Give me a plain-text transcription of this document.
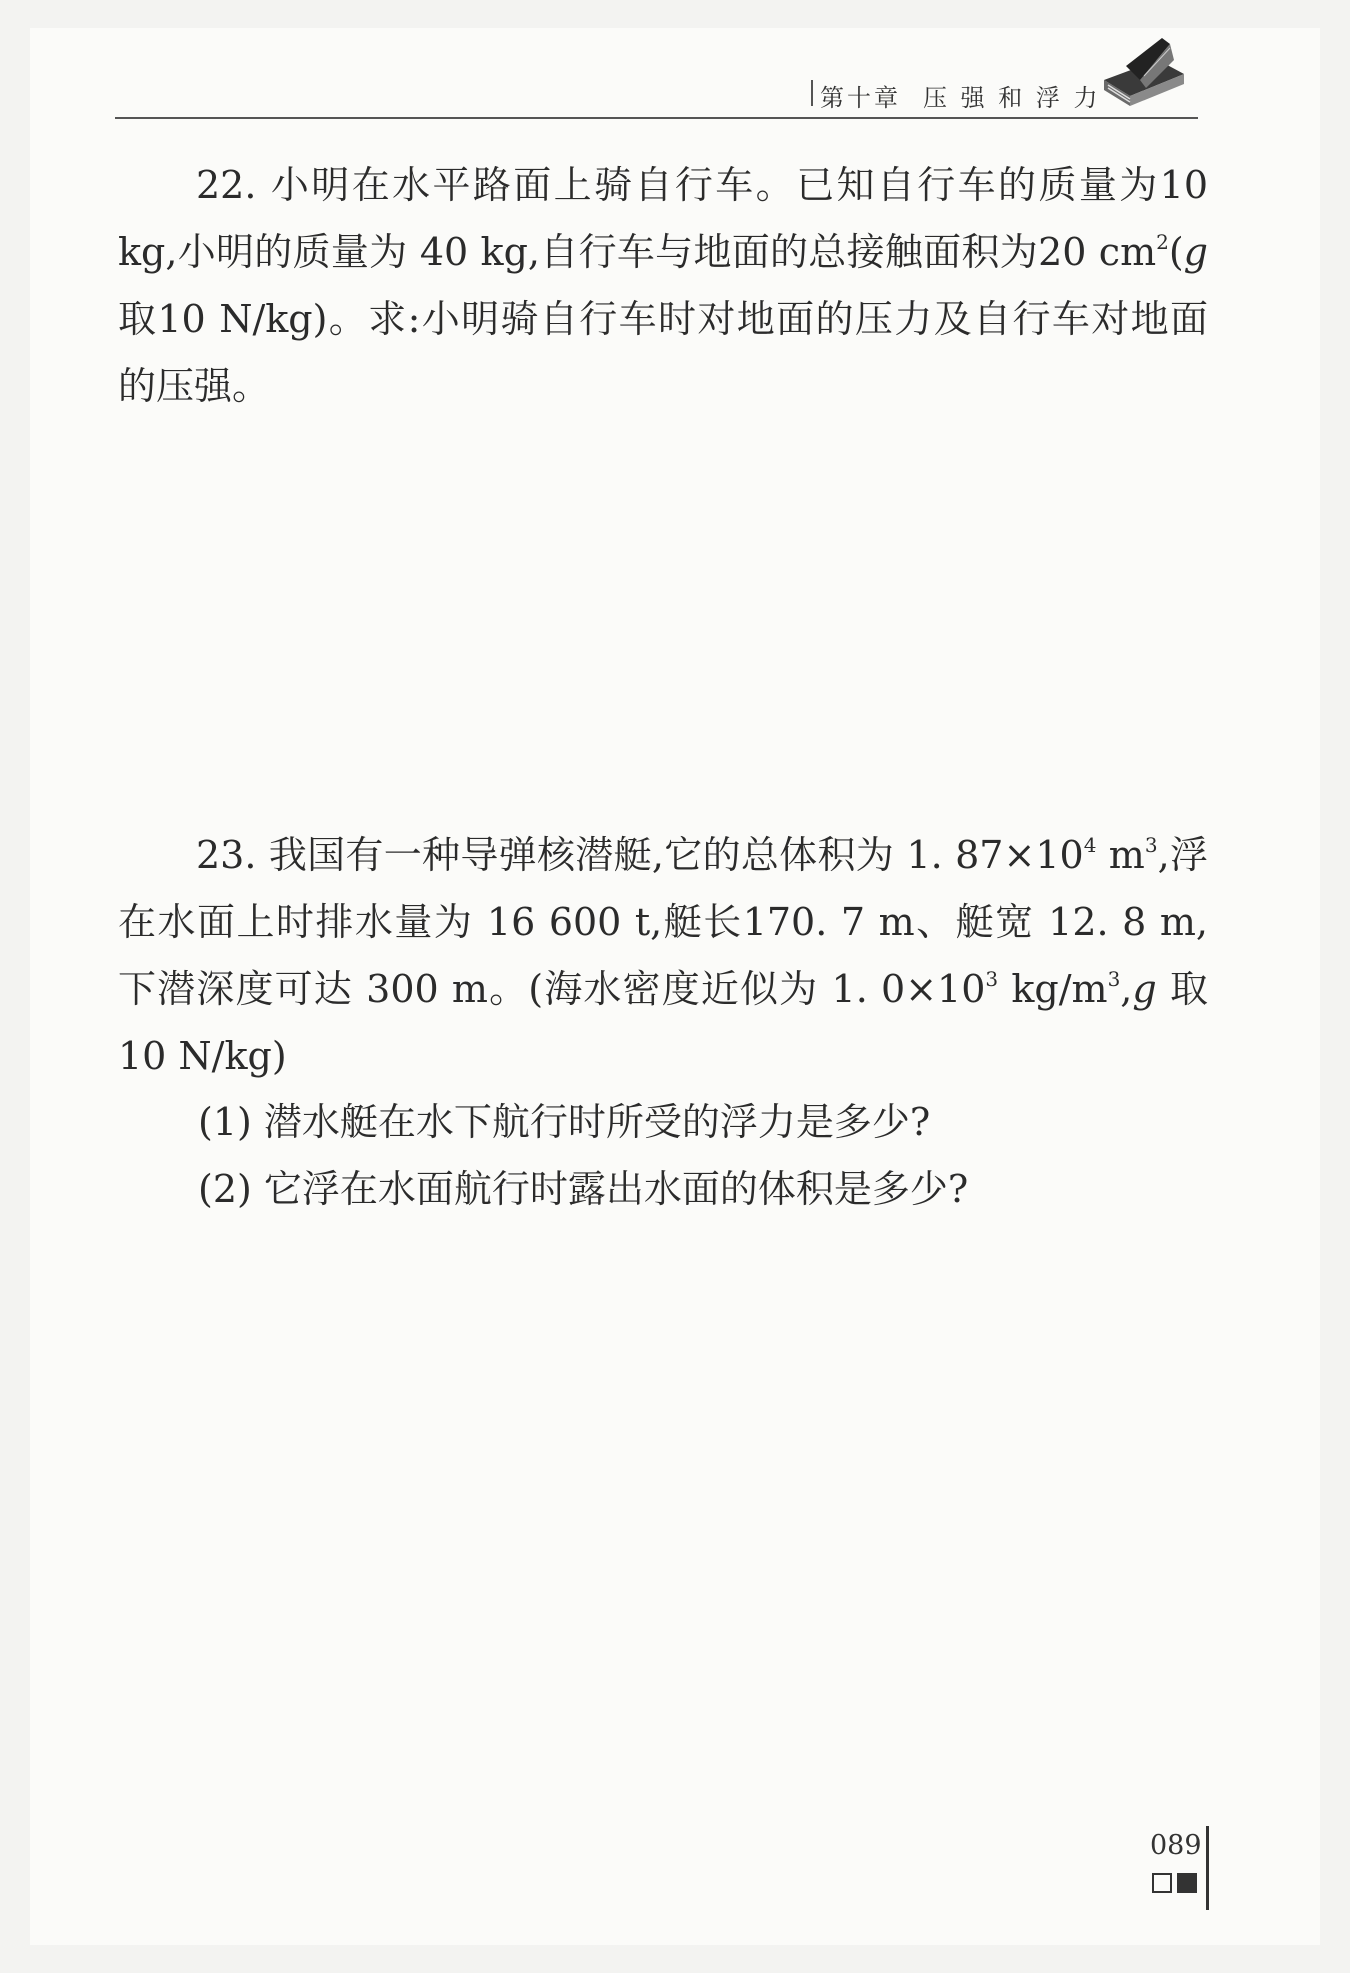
第十章 压 强 和 浮 力
22. 小明在水平路面上骑自行车。已知自行车的质量为10 kg,小明的质量为 40 kg,自行车与地面的总接触面积为20 $cm^2(g$ 取10 N/kg)。求:小明骑自行车时对地面的压力及自行车对地面的压强。
23. 我国有一种导弹核潜艇,它的总体积为 1. $87\times 10^4$ $m^3$,浮在水面上时排水量为 16 600 t,艇长170. 7 m、艇宽 12. 8 m,下潜深度可达 300 m。(海水密度近似为 1. $0\times 10^3$ $kg/m^3,g$ 取 10 N/kg)
(1) 潜水艇在水下航行时所受的浮力是多少?
(2) 它浮在水面航行时露出水面的体积是多少?
089
